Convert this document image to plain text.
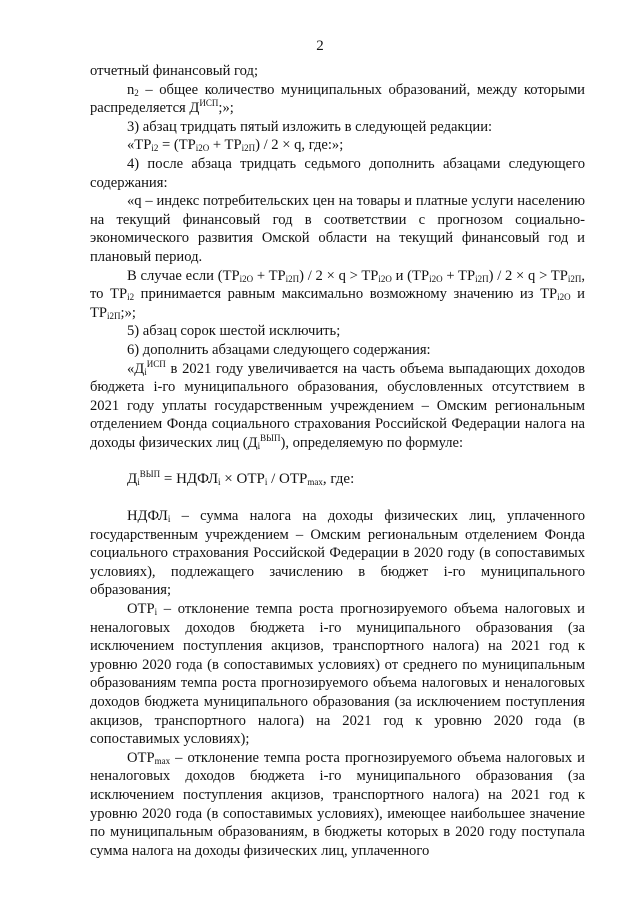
2

отчетный финансовый год;

$n_2$ – общее количество муниципальных образований, между которыми распределяется $Д^{ИСП}$;»;

3) абзац тридцать пятый изложить в следующей редакции:

«$TP_{i2} = (TP_{i2O} + TP_{i2П}) / 2 \times q$, где:»;

4) после абзаца тридцать седьмого дополнить абзацами следующего содержания:

«q – индекс потребительских цен на товары и платные услуги населению на текущий финансовый год в соответствии с прогнозом социально-экономического развития Омской области на текущий финансовый год и плановый период.

В случае если $(TP_{i2O} + TP_{i2П}) / 2 \times q > TP_{i2O}$ и $(TP_{i2O} + TP_{i2П}) / 2 \times q > TP_{i2П}$, то $TP_{i2}$ принимается равным максимально возможному значению из $TP_{i2O}$ и $TP_{i2П}$;»;

5) абзац сорок шестой исключить;

6) дополнить абзацами следующего содержания:

«$Д_i^{ИСП}$ в 2021 году увеличивается на часть объема выпадающих доходов бюджета i-го муниципального образования, обусловленных отсутствием в 2021 году уплаты государственным учреждением – Омским региональным отделением Фонда социального страхования Российской Федерации налога на доходы физических лиц $(Д_i^{ВЫП})$, определяемую по формуле:

$Д_i^{ВЫП}$ = $НДФЛ_i \times ОТР_i / ОТР_{max}$, где:

$НДФЛ_i$ – сумма налога на доходы физических лиц, уплаченного государственным учреждением – Омским региональным отделением Фонда социального страхования Российской Федерации в 2020 году (в сопоставимых условиях), подлежащего зачислению в бюджет i-го муниципального образования;

$ОТР_i$ – отклонение темпа роста прогнозируемого объема налоговых и неналоговых доходов бюджета i-го муниципального образования (за исключением поступления акцизов, транспортного налога) на 2021 год к уровню 2020 года (в сопоставимых условиях) от среднего по муниципальным образованиям темпа роста прогнозируемого объема налоговых и неналоговых доходов бюджета муниципального образования (за исключением поступления акцизов, транспортного налога) на 2021 год к уровню 2020 года (в сопоставимых условиях);

$ОТР_{max}$ – отклонение темпа роста прогнозируемого объема налоговых и неналоговых доходов бюджета i-го муниципального образования (за исключением поступления акцизов, транспортного налога) на 2021 год к уровню 2020 года (в сопоставимых условиях), имеющее наибольшее значение по муниципальным образованиям, в бюджеты которых в 2020 году поступала сумма налога на доходы физических лиц, уплаченного
